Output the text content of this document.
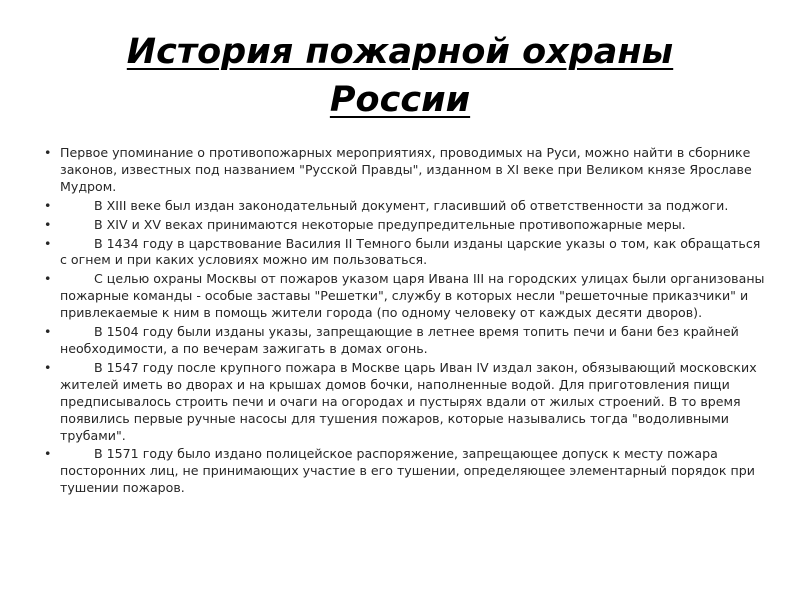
История пожарной охраны России
• Первое упоминание о противопожарных мероприятиях, проводимых на Руси, можно найти в сборнике законов, известных под названием "Русской Правды", изданном в XI веке при Великом князе Ярославе Мудром.
•	В XIII веке был издан законодательный документ, гласивший об ответственности за поджоги.
•	В XIV и XV веках принимаются некоторые предупредительные противопожарные меры.
•	В 1434 году в царствование Василия II Темного были изданы царские указы о том, как обращаться с огнем и при каких условиях можно им пользоваться.
•	С целью охраны Москвы от пожаров указом царя Ивана III на городских улицах были организованы пожарные команды - особые заставы "Решетки", службу в которых несли "решеточные приказчики" и привлекаемые к ним в помощь жители города (по одному человеку от каждых десяти дворов).
•	В 1504 году были изданы указы, запрещающие в летнее время топить печи и бани без крайней необходимости, а по вечерам зажигать в домах огонь.
•	В 1547 году после крупного пожара в Москве царь Иван IV издал закон, обязывающий московских жителей иметь во дворах и на крышах домов бочки, наполненные водой. Для приготовления пищи предписывалось строить печи и очаги на огородах и пустырях вдали от жилых строений. В то время появились первые ручные насосы для тушения пожаров, которые назывались тогда "водоливными трубами".
•	В 1571 году было издано полицейское распоряжение, запрещающее допуск к месту пожара посторонних лиц, не принимающих участие в его тушении, определяющее элементарный порядок при тушении пожаров.
